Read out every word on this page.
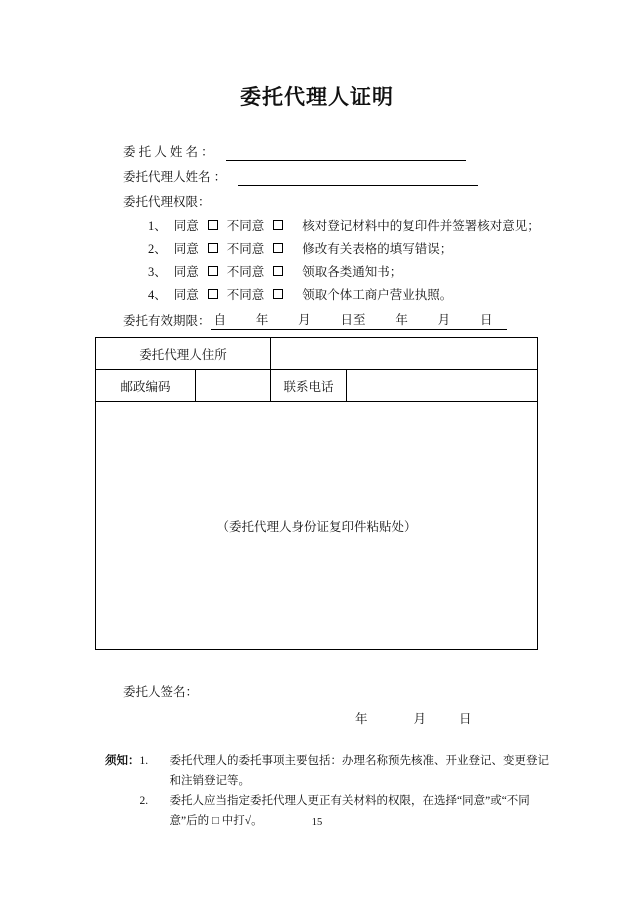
委托代理人证明
委 托 人 姓 名 ：
委托代理人姓名 ：
委托代理权限：
1、 同意 不同意	核对登记材料中的复印件并签署核对意见；
2、 同意 不同意	修改有关表格的填写错误；
3、 同意 不同意	领取各类通知书；
4、 同意 不同意	领取个体工商户营业执照。
委托有效期限： 自 年 月 日至 年 月 日
委托代理人住所			
邮政编码		联系电话	
（委托代理人身份证复印件粘贴处）			
委托人签名：
年	月	日
须知： 1.	委托代理人的委托事项主要包括：办理名称预先核准、开业登记、变更登记和注销登记等。
2.	委托人应当指定委托代理人更正有关材料的权限，在选择“同意”或“不同意”后的 □ 中打√。	15
